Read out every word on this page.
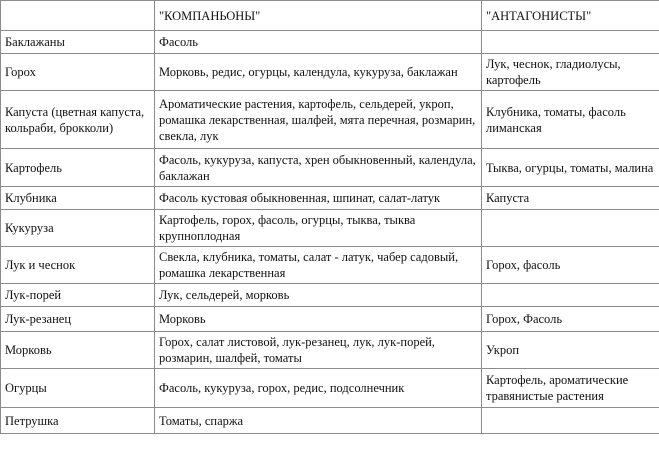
	"КОМПАНЬОНЫ"	"АНТАГОНИСТЫ"
Баклажаны	Фасоль	
Горох	Морковь, редис, огурцы, календула, кукуруза, баклажан	Лук, чеснок, гладиолусы, картофель
Капуста (цветная капуста, кольраби, брокколи)	Ароматические растения, картофель, сельдерей, укроп, ромашка лекарственная, шалфей, мята перечная, розмарин, свекла, лук	Клубника, томаты, фасоль лиманская
Картофель	Фасоль, кукуруза, капуста, хрен обыкновенный, календула, баклажан	Тыква, огурцы, томаты, малина
Клубника	Фасоль кустовая обыкновенная, шпинат, салат-латук	Капуста
Кукуруза	Картофель, горох, фасоль, огурцы, тыква, тыква крупноплодная	
Лук и чеснок	Свекла, клубника, томаты, салат - латук, чабер садовый, ромашка лекарственная	Горох, фасоль
Лук-порей	Лук, сельдерей, морковь	
Лук-резанец	Морковь	Горох, Фасоль
Морковь	Горох, салат листовой, лук-резанец, лук, лук-порей, розмарин, шалфей, томаты	Укроп
Огурцы	Фасоль, кукуруза, горох, редис, подсолнечник	Картофель, ароматические травянистые растения
Петрушка	Томаты, спаржа	
